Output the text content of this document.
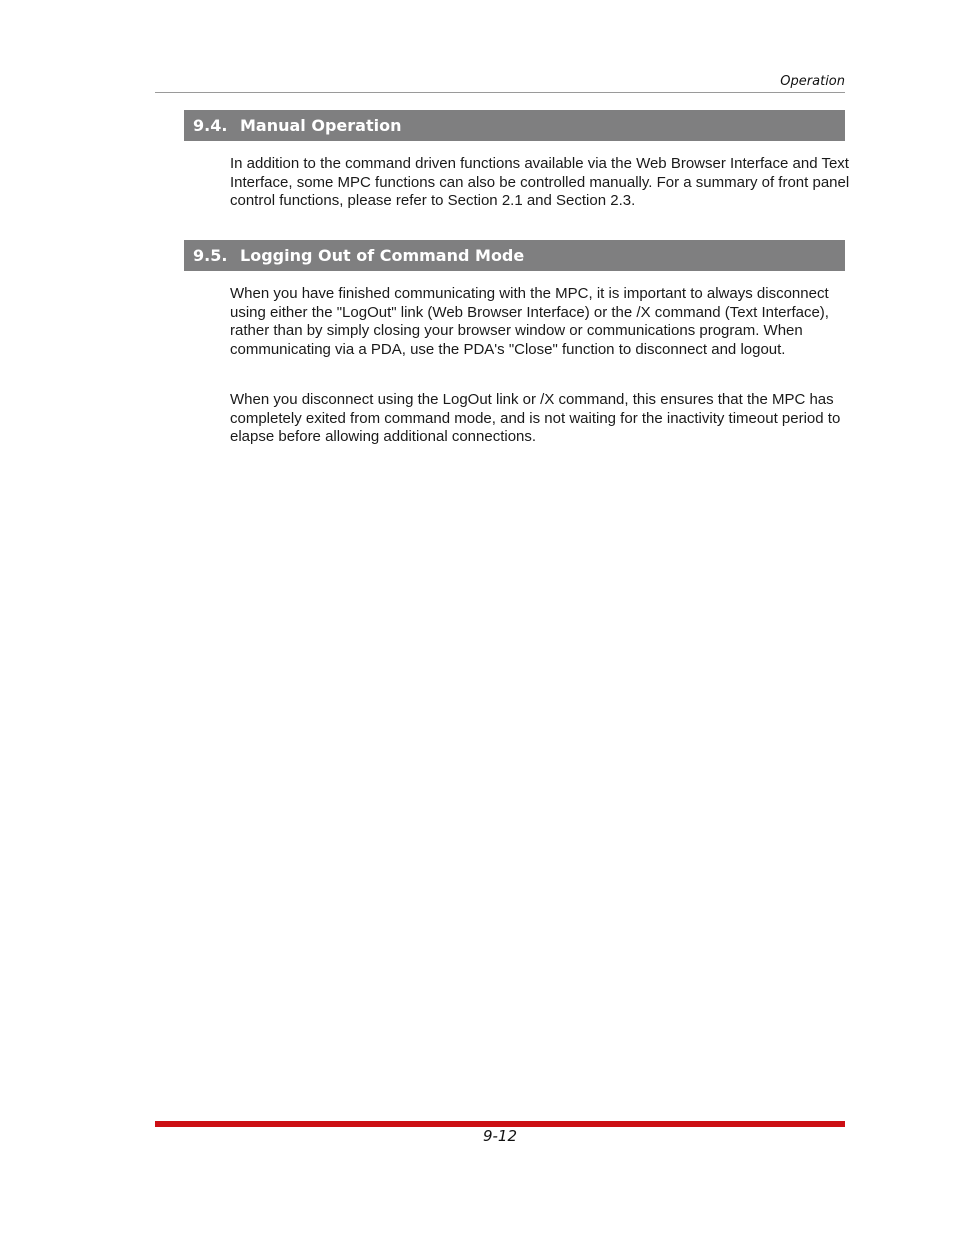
Operation
9.4. Manual Operation

In addition to the command driven functions available via the Web Browser Interface and Text Interface, some MPC functions can also be controlled manually. For a summary of front panel control functions, please refer to Section 2.1 and Section 2.3.

9.5. Logging Out of Command Mode

When you have finished communicating with the MPC, it is important to always disconnect using either the "LogOut" link (Web Browser Interface) or the /X command (Text Interface), rather than by simply closing your browser window or communications program. When communicating via a PDA, use the PDA's "Close" function to disconnect and logout.

When you disconnect using the LogOut link or /X command, this ensures that the MPC has completely exited from command mode, and is not waiting for the inactivity timeout period to elapse before allowing additional connections.

9-12
